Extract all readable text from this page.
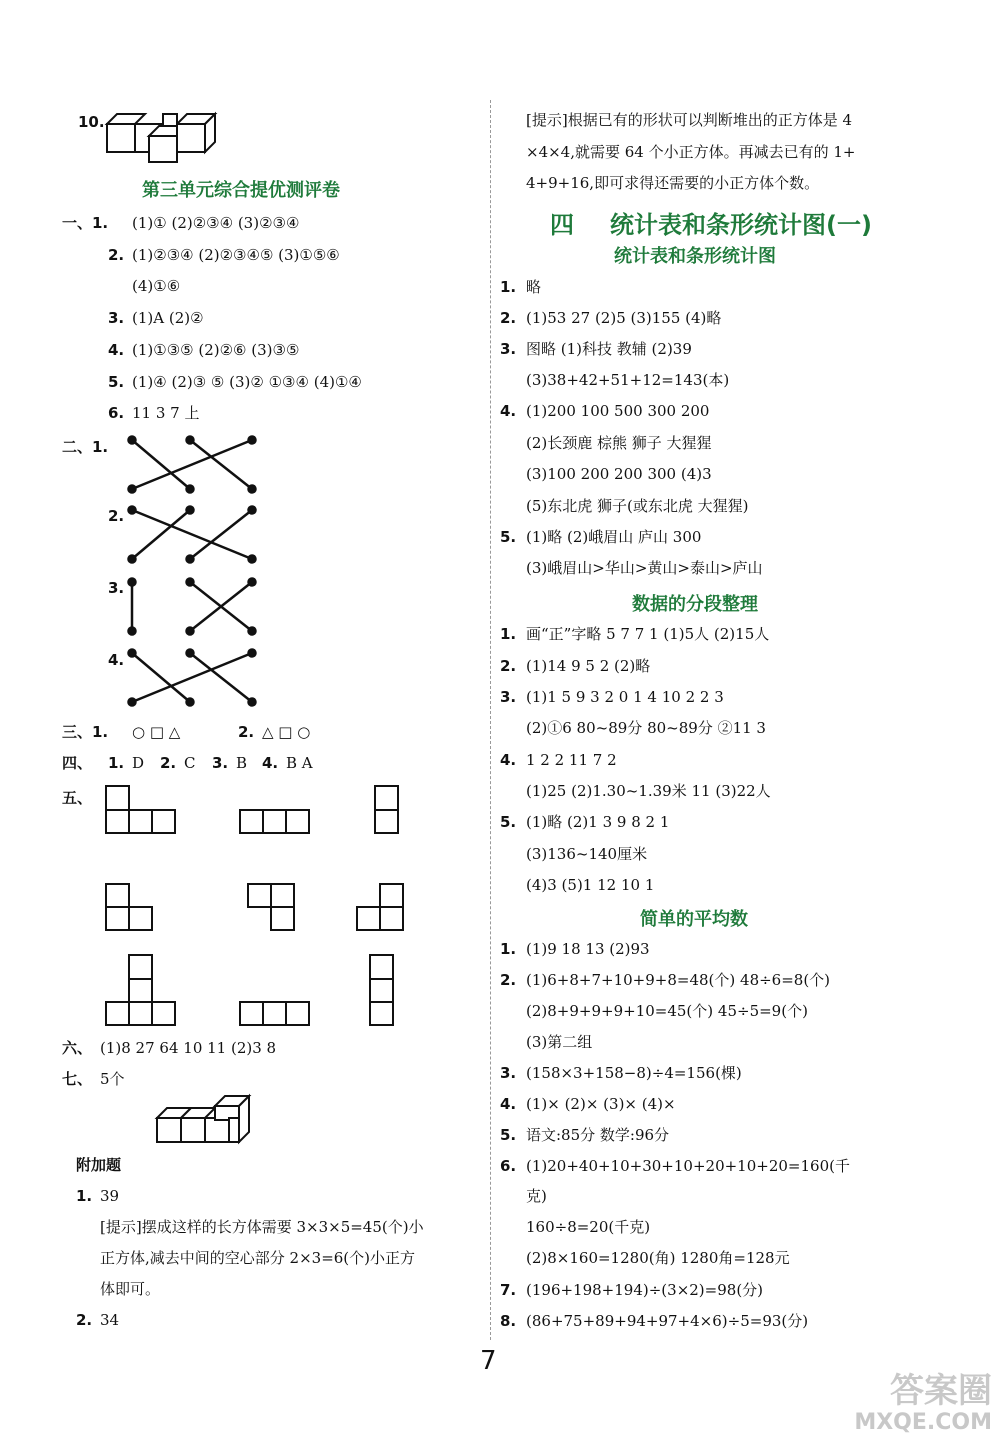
10.
第三单元综合提优测评卷
一、1. (1)① (2)②③④ (3)②③④
2. (1)②③④ (2)②③④⑤ (3)①⑤⑥
(4)①⑥
3. (1)A (2)②
4. (1)①③⑤ (2)②⑥ (3)③⑤
5. (1)④ (2)③ ⑤ (3)② ①③④ (4)①④
6. 11 3 7 上
二、1.
2.
3.
4.
三、1. ○ □ △	2. △ □ ○
四、 1. D 2. C 3. B 4. B A
五、
六、 (1)8 27 64 10 11 (2)3 8
七、 5个
附加题
1. 39
[提示]摆成这样的长方体需要 3×3×5=45(个)小
正方体,减去中间的空心部分 2×3=6(个)小正方
体即可。
2. 34
[提示]根据已有的形状可以判断堆出的正方体是 4
×4×4,就需要 64 个小正方体。再减去已有的 1+
4+9+16,即可求得还需要的小正方体个数。
四 统计表和条形统计图(一)
统计表和条形统计图
1. 略
2. (1)53 27 (2)5 (3)155 (4)略
3. 图略 (1)科技 教辅 (2)39
(3)38+42+51+12=143(本)
4. (1)200 100 500 300 200
(2)长颈鹿 棕熊 狮子 大猩猩
(3)100 200 200 300 (4)3
(5)东北虎 狮子(或东北虎 大猩猩)
5. (1)略 (2)峨眉山 庐山 300
(3)峨眉山>华山>黄山>泰山>庐山
数据的分段整理
1. 画“正”字略 5 7 7 1 (1)5人 (2)15人
2. (1)14 9 5 2 (2)略
3. (1)1 5 9 3 2 0 1 4 10 2 2 3
(2)①6 80~89分 80~89分 ②11 3
4. 1 2 2 11 7 2
(1)25 (2)1.30~1.39米 11 (3)22人
5. (1)略 (2)1 3 9 8 2 1
(3)136~140厘米
(4)3 (5)1 12 10 1
简单的平均数
1. (1)9 18 13 (2)93
2. (1)6+8+7+10+9+8=48(个) 48÷6=8(个)
(2)8+9+9+9+10=45(个) 45÷5=9(个)
(3)第二组
3. (158×3+158−8)÷4=156(棵)
4. (1)× (2)× (3)× (4)×
5. 语文:85分 数学:96分
6. (1)20+40+10+30+10+20+10+20=160(千
克)
160÷8=20(千克)
(2)8×160=1280(角) 1280角=128元
7. (196+198+194)÷(3×2)=98(分)
8. (86+75+89+94+97+4×6)÷5=93(分)
7
答案圈
MXQE.COM
